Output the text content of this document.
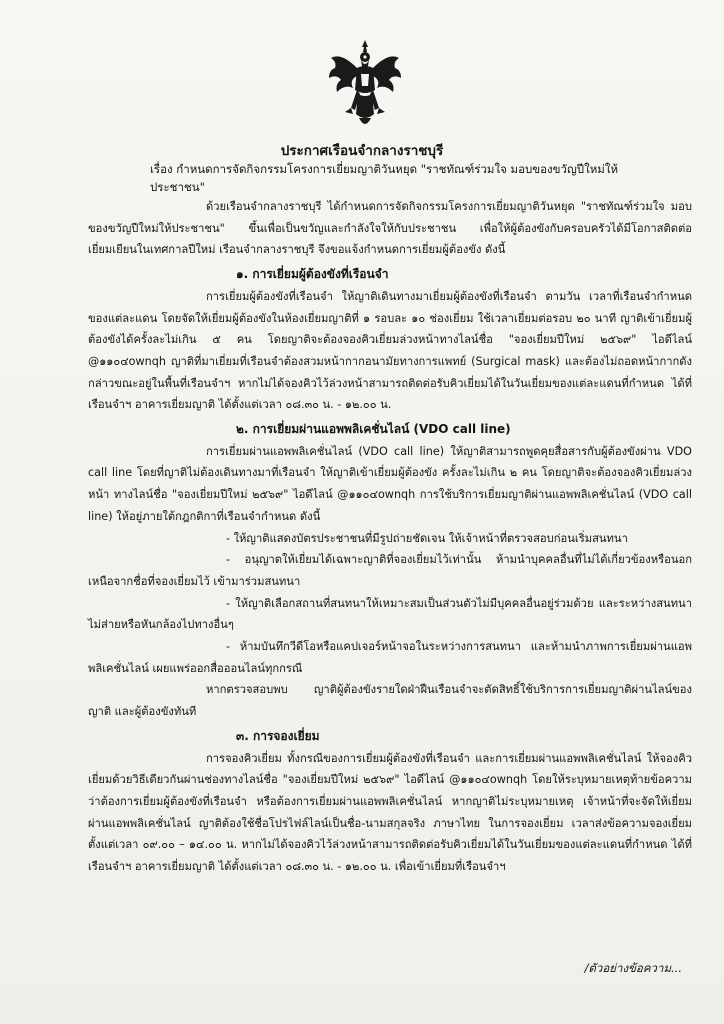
ประกาศเรือนจำกลางราชบุรี
เรื่อง กำหนดการจัดกิจกรรมโครงการเยี่ยมญาติวันหยุด "ราชทัณฑ์ร่วมใจ มอบของขวัญปีใหม่ให้ประชาชน"

ด้วยเรือนจำกลางราชบุรี ได้กำหนดการจัดกิจกรรมโครงการเยี่ยมญาติวันหยุด "ราชทัณฑ์ร่วมใจ มอบของขวัญปีใหม่ให้ประชาชน" ขึ้นเพื่อเป็นขวัญและกำลังใจให้กับประชาชน เพื่อให้ผู้ต้องขังกับครอบครัวได้มีโอกาสติดต่อ เยี่ยมเยียนในเทศกาลปีใหม่ เรือนจำกลางราชบุรี จึงขอแจ้งกำหนดการเยี่ยมผู้ต้องขัง ดังนี้

๑. การเยี่ยมผู้ต้องขังที่เรือนจำ

การเยี่ยมผู้ต้องขังที่เรือนจำ ให้ญาติเดินทางมาเยี่ยมผู้ต้องขังที่เรือนจำ ตามวัน เวลาที่เรือนจำกำหนด ของแต่ละแดน โดยจัดให้เยี่ยมผู้ต้องขังในห้องเยี่ยมญาติที่ ๑ รอบละ ๑๐ ช่องเยี่ยม ใช้เวลาเยี่ยมต่อรอบ ๒๐ นาที ญาติเข้าเยี่ยมผู้ต้องขังได้ครั้งละไม่เกิน ๕ คน โดยญาติจะต้องจองคิวเยี่ยมล่วงหน้าทางไลน์ชื่อ "จองเยี่ยมปีใหม่ ๒๕๖๙" ไอดีไลน์ @๑๑๐๔ownqh ญาติที่มาเยี่ยมที่เรือนจำต้องสวมหน้ากากอนามัยทางการแพทย์ (Surgical mask) และต้องไม่ถอดหน้ากากดังกล่าวขณะอยู่ในพื้นที่เรือนจำฯ หากไม่ได้จองคิวไว้ล่วงหน้าสามารถติดต่อรับคิวเยี่ยมได้ในวันเยี่ยมของแต่ละแดนที่กำหนด ได้ที่เรือนจำฯ อาคารเยี่ยมญาติ ได้ตั้งแต่เวลา ๐๘.๓๐ น. - ๑๒.๐๐ น.

๒. การเยี่ยมผ่านแอพพลิเคชั่นไลน์ (VDO call line)

การเยี่ยมผ่านแอพพลิเคชั่นไลน์ (VDO call line) ให้ญาติสามารถพูดคุยสื่อสารกับผู้ต้องขังผ่าน VDO call line โดยที่ญาติไม่ต้องเดินทางมาที่เรือนจำ ให้ญาติเข้าเยี่ยมผู้ต้องขัง ครั้งละไม่เกิน ๒ คน โดยญาติจะต้องจองคิวเยี่ยมล่วงหน้า ทางไลน์ชื่อ "จองเยี่ยมปีใหม่ ๒๕๖๙" ไอดีไลน์ @๑๑๐๔ownqh การใช้บริการเยี่ยมญาติผ่านแอพพลิเคชั่นไลน์ (VDO call line) ให้อยู่ภายใต้กฎกติกาที่เรือนจำกำหนด ดังนี้

- ให้ญาติแสดงบัตรประชาชนที่มีรูปถ่ายชัดเจน ให้เจ้าหน้าที่ตรวจสอบก่อนเริ่มสนทนา

- อนุญาตให้เยี่ยมได้เฉพาะญาติที่จองเยี่ยมไว้เท่านั้น ห้ามนำบุคคลอื่นที่ไม่ได้เกี่ยวข้องหรือนอกเหนือจากชื่อที่จองเยี่ยมไว้ เข้ามาร่วมสนทนา

- ให้ญาติเลือกสถานที่สนทนาให้เหมาะสมเป็นส่วนตัวไม่มีบุคคลอื่นอยู่ร่วมด้วย และระหว่างสนทนาไม่ส่ายหรือหันกล้องไปทางอื่นๆ

- ห้ามบันทึกวีดีโอหรือแคปเจอร์หน้าจอในระหว่างการสนทนา และห้ามนำภาพการเยี่ยมผ่านแอพพลิเคชั่นไลน์ เผยแพร่ออกสื่อออนไลน์ทุกกรณี

หากตรวจสอบพบ ญาติผู้ต้องขังรายใดฝ่าฝืนเรือนจำจะตัดสิทธิ์ใช้บริการการเยี่ยมญาติผ่านไลน์ของญาติ และผู้ต้องขังทันที

๓. การจองเยี่ยม

การจองคิวเยี่ยม ทั้งกรณีของการเยี่ยมผู้ต้องขังที่เรือนจำ และการเยี่ยมผ่านแอพพลิเคชั่นไลน์ ให้จองคิวเยี่ยมด้วยวิธีเดียวกันผ่านช่องทางไลน์ชื่อ "จองเยี่ยมปีใหม่ ๒๕๖๙" ไอดีไลน์ @๑๑๐๔ownqh โดยให้ระบุหมายเหตุท้ายข้อความ ว่าต้องการเยี่ยมผู้ต้องขังที่เรือนจำ หรือต้องการเยี่ยมผ่านแอพพลิเคชั่นไลน์ หากญาติไม่ระบุหมายเหตุ เจ้าหน้าที่จะจัดให้เยี่ยมผ่านแอพพลิเคชั่นไลน์ ญาติต้องใช้ชื่อโปรไฟล์ไลน์เป็นชื่อ-นามสกุลจริง ภาษาไทย ในการจองเยี่ยม เวลาส่งข้อความจองเยี่ยมตั้งแต่เวลา ๐๙.๐๐ – ๑๔.๐๐ น. หากไม่ได้จองคิวไว้ล่วงหน้าสามารถติดต่อรับคิวเยี่ยมได้ในวันเยี่ยมของแต่ละแดนที่กำหนด ได้ที่เรือนจำฯ อาคารเยี่ยมญาติ ได้ตั้งแต่เวลา ๐๘.๓๐ น. - ๑๒.๐๐ น. เพื่อเข้าเยี่ยมที่เรือนจำฯ

/ตัวอย่างข้อความ...
